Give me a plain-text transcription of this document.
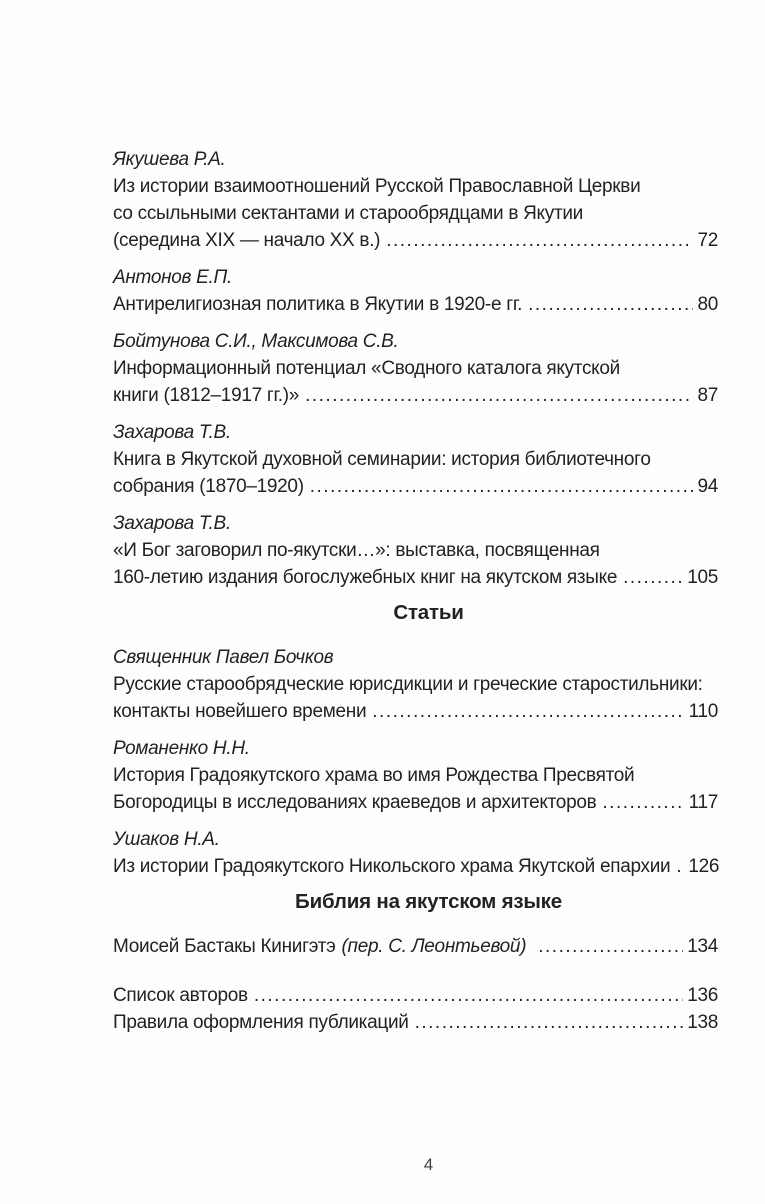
Якушева Р.А.
Из истории взаимоотношений Русской Православной Церкви
со ссыльными сектантами и старообрядцами в Якутии
(середина XIX — начало XX в.) .....	72
Антонов Е.П.
Антирелигиозная политика в Якутии в 1920-е гг. .....	80
Бойтунова С.И., Максимова С.В.
Информационный потенциал «Сводного каталога якутской
книги (1812–1917 гг.)» .....	87
Захарова Т.В.
Книга в Якутской духовной семинарии: история библиотечного
собрания (1870–1920) .....	94
Захарова Т.В.
«И Бог заговорил по-якутски…»: выставка, посвященная
160-летию издания богослужебных книг на якутском языке .....	105
Статьи
Священник Павел Бочков
Русские старообрядческие юрисдикции и греческие старостильники:
контакты новейшего времени .....	110
Романенко Н.Н.
История Градоякутского храма во имя Рождества Пресвятой
Богородицы в исследованиях краеведов и архитекторов .....	117
Ушаков Н.А.
Из истории Градоякутского Никольского храма Якутской епархии ..... 126
Библия на якутском языке
Моисей Бастакы Кинигэтэ (пер. С. Леонтьевой) .....	134
Список авторов .....	136
Правила оформления публикаций .....	138
4
